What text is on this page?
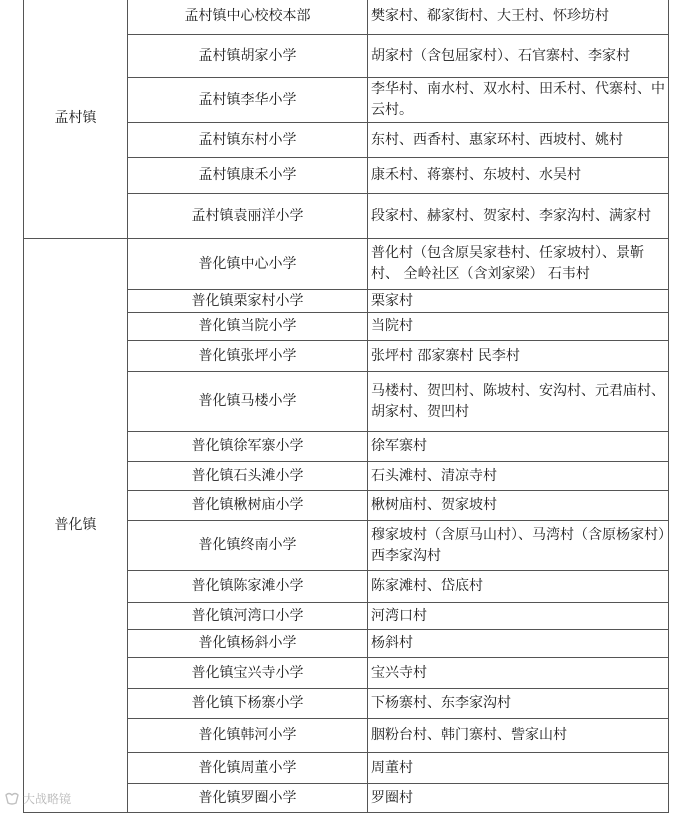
孟村镇	孟村镇中心校校本部	樊家村、郗家街村、大王村、怀珍坊村
	孟村镇胡家小学	胡家村（含包屈家村）、石官寨村、李家村
	孟村镇李华小学	李华村、南水村、双水村、田禾村、代寨村、中云村。
	孟村镇东村小学	东村、西香村、惠家环村、西坡村、姚村
	孟村镇康禾小学	康禾村、蒋寨村、东坡村、水吴村
	孟村镇袁丽洋小学	段家村、赫家村、贺家村、李家沟村、满家村
普化镇	普化镇中心小学	普化村（包含原吴家巷村、任家坡村）、景靳村、 全岭社区（含刘家梁） 石韦村
	普化镇栗家村小学	栗家村
	普化镇当院小学	当院村
	普化镇张坪小学	张坪村 邵家寨村 民李村
	普化镇马楼小学	马楼村、贺凹村、陈坡村、安沟村、元君庙村、胡家村、贺凹村
	普化镇徐军寨小学	徐军寨村
	普化镇石头滩小学	石头滩村、清凉寺村
	普化镇楸树庙小学	楸树庙村、贺家坡村
	普化镇终南小学	穆家坡村（含原马山村）、马湾村（含原杨家村）西李家沟村
	普化镇陈家滩小学	陈家滩村、岱底村
	普化镇河湾口小学	河湾口村
	普化镇杨斜小学	杨斜村
	普化镇宝兴寺小学	宝兴寺村
	普化镇下杨寨小学	下杨寨村、东李家沟村
	普化镇韩河小学	胭粉台村、韩门寨村、訾家山村
	普化镇周董小学	周董村
	普化镇罗圈小学	罗圈村
大战略镜
